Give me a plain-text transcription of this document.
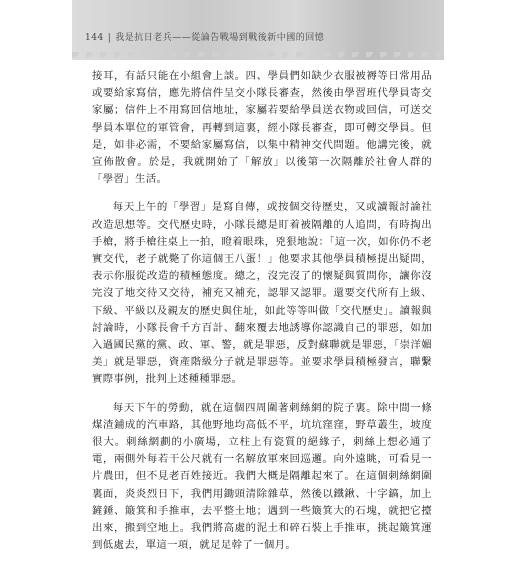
144 | 我是抗日老兵——從論告戰場到戰後新中國的回憶

接耳，有話只能在小組會上談。四、學員們如缺少衣服被褥等日常用品或要給家寫信，應先將信件呈交小隊長審查，然後由學習班代學員寄交家屬；信件上不用寫回信地址，家屬若要給學員送衣物或回信，可送交學員本單位的軍管會，再轉到這裏，經小隊長審查，即可轉交學員。但是，如非必需，不要給家屬寫信，以集中精神交代問題。他講完後，就宣佈散會。於是，我就開始了「解放」以後第一次隔離於社會人群的「學習」生活。

每天上午的「學習」是寫自傳，或按個交待歷史，又或讀報討論社改造思想等。交代歷史時，小隊長總是盯着被隔離的人追問，有時掏出手槍，將手槍往桌上一拍，瞪着眼珠，兇狠地說：「這一次，如你仍不老實交代，老子就斃了你這個王八蛋！」他要求其他學員積極提出疑問，表示你服從改造的積極態度。總之，沒完沒了的懷疑與質問你，讓你沒完沒了地交待又交待，補充又補充，認罪又認罪。還要交代所有上級、下級、平級以及親友的歷史與住址，如此等等叫做「交代歷史」。讀報與討論時，小隊長會千方百計、翻來覆去地誘導你認識自己的罪惡，如加入過國民黨的黨、政、軍、警，就是罪惡，反對蘇聯就是罪惡，「崇洋媚美」就是罪惡，資產階級分子就是罪惡等。並要求學員積極發言，聯繫實際事例，批判上述種種罪惡。

每天下午的勞動，就在這個四周圍著刺絲網的院子裏。除中間一條煤渣鋪成的汽車路，其他野地均高低不平，坑坑窪窪，野草叢生，坡度很大。刺絲網劃的小廣場，立柱上有瓷質的絕緣子，刺絲上想必通了電，兩側外每若干公尺就有一名解放軍來回巡邏。向外遠眺，可看見一片農田，但不見老百姓接近。我們大概是隔離起來了。在這個刺絲網圍裏面，炎炎烈日下，我們用鋤頭清除雜草，然後以鐵鍬、十字鎬，加上鏟錘、簸箕和手推車，去平整土地；遇到一些簸箕大的石塊，就把它擡出來，搬到空地上。我們將高處的泥土和碎石裝上手推車，挑起簸箕運到低處去，單這一項，就足足幹了一個月。
